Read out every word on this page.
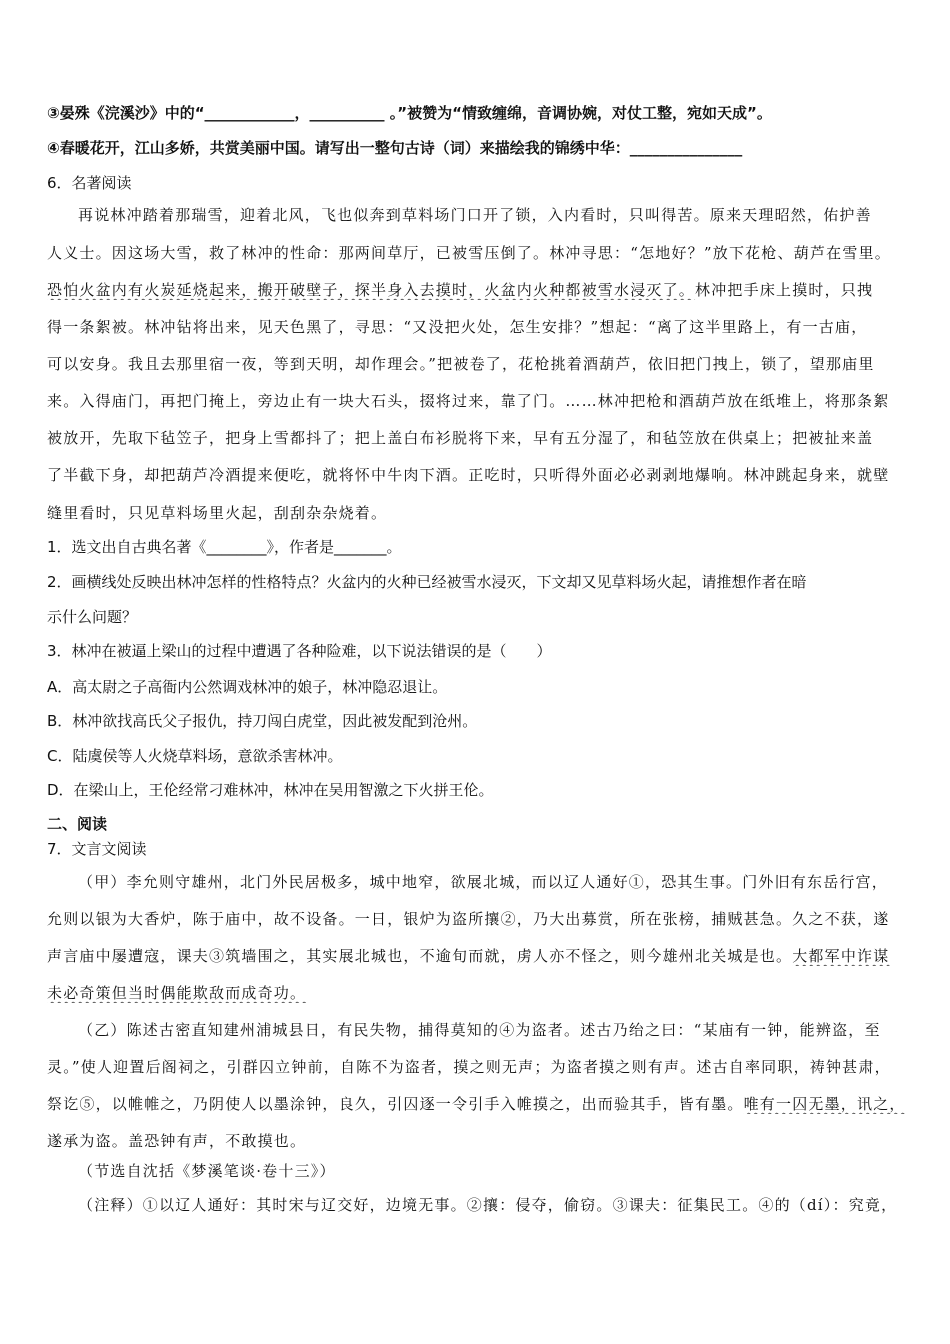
③晏殊《浣溪沙》中的“____________，__________ 。”被赞为“情致缠绵，音调协婉，对仗工整，宛如天成”。
④春暖花开，江山多娇，共赏美丽中国。请写出一整句古诗（词）来描绘我的锦绣中华：_______________
6．名著阅读
再说林冲踏着那瑞雪，迎着北风，飞也似奔到草料场门口开了锁，入内看时，只叫得苦。原来天理昭然，佑护善
人义士。因这场大雪，救了林冲的性命：那两间草厅，已被雪压倒了。林冲寻思：“怎地好？”放下花枪、葫芦在雪里。
恐怕火盆内有火炭延烧起来，搬开破壁子，探半身入去摸时，火盆内火种都被雪水浸灭了。林冲把手床上摸时，只拽
得一条絮被。林冲钻将出来，见天色黑了，寻思：“又没把火处，怎生安排？”想起：“离了这半里路上，有一古庙，
可以安身。我且去那里宿一夜，等到天明，却作理会。”把被卷了，花枪挑着酒葫芦，依旧把门拽上，锁了，望那庙里
来。入得庙门，再把门掩上，旁边止有一块大石头，掇将过来，靠了门。……林冲把枪和酒葫芦放在纸堆上，将那条絮
被放开，先取下毡笠子，把身上雪都抖了；把上盖白布衫脱将下来，早有五分湿了，和毡笠放在供桌上；把被扯来盖
了半截下身，却把葫芦冷酒提来便吃，就将怀中牛肉下酒。正吃时，只听得外面必必剥剥地爆响。林冲跳起身来，就壁
缝里看时，只见草料场里火起，刮刮杂杂烧着。
1．选文出自古典名著《________》，作者是_______。
2．画横线处反映出林冲怎样的性格特点？火盆内的火种已经被雪水浸灭，下文却又见草料场火起，请推想作者在暗
示什么问题？
3．林冲在被逼上梁山的过程中遭遇了各种险难，以下说法错误的是（　　）
A．高太尉之子高衙内公然调戏林冲的娘子，林冲隐忍退让。
B．林冲欲找高氏父子报仇，持刀闯白虎堂，因此被发配到沧州。
C．陆虞侯等人火烧草料场，意欲杀害林冲。
D．在梁山上，王伦经常刁难林冲，林冲在吴用智激之下火拼王伦。
二、阅读
7．文言文阅读
（甲）李允则守雄州，北门外民居极多，城中地窄，欲展北城，而以辽人通好①，恐其生事。门外旧有东岳行宫，
允则以银为大香炉，陈于庙中，故不设备。一日，银炉为盗所攘②，乃大出募赏，所在张榜，捕贼甚急。久之不获，遂
声言庙中屡遭寇，课夫③筑墙围之，其实展北城也，不逾旬而就，虏人亦不怪之，则今雄州北关城是也。大都军中诈谋
未必奇策但当时偶能欺敌而成奇功。
（乙）陈述古密直知建州浦城县日，有民失物，捕得莫知的④为盗者。述古乃绐之曰：“某庙有一钟，能辨盗，至
灵。”使人迎置后阁祠之，引群囚立钟前，自陈不为盗者，摸之则无声；为盗者摸之则有声。述古自率同职，祷钟甚肃，
祭讫⑤，以帷帷之，乃阴使人以墨涂钟，良久，引囚逐一令引手入帷摸之，出而验其手，皆有墨。唯有一囚无墨，讯之，
遂承为盗。盖恐钟有声，不敢摸也。
（节选自沈括《梦溪笔谈·卷十三》）
（注释）①以辽人通好：其时宋与辽交好，边境无事。②攘：侵夺，偷窃。③课夫：征集民工。④的（dí）：究竟，
